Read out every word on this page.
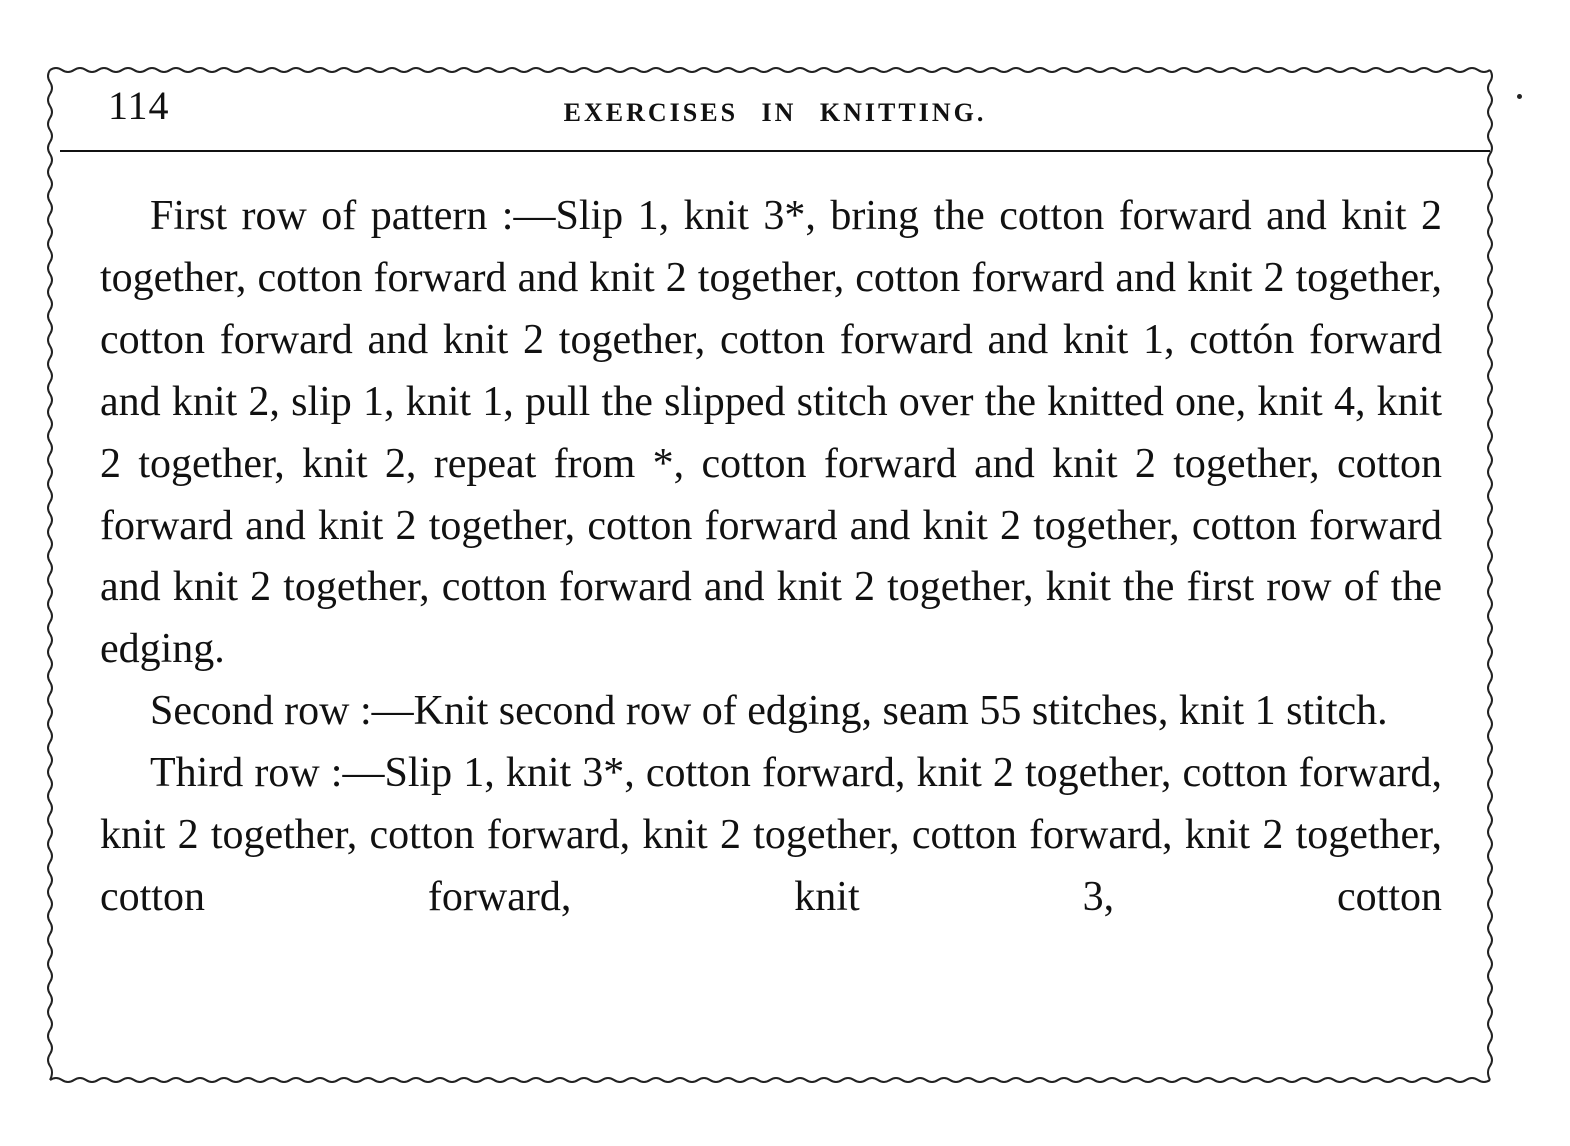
114	EXERCISES IN KNITTING.

First row of pattern :—Slip 1, knit 3*, bring the cotton forward and knit 2 together, cotton forward and knit 2 together, cotton forward and knit 2 together, cotton forward and knit 2 together, cotton forward and knit 1, cottón forward and knit 2, slip 1, knit 1, pull the slipped stitch over the knitted one, knit 4, knit 2 together, knit 2, repeat from *, cotton forward and knit 2 together, cotton forward and knit 2 together, cotton forward and knit 2 together, cotton forward and knit 2 together, cotton forward and knit 2 together, knit the first row of the edging.

Second row :—Knit second row of edging, seam 55 stitches, knit 1 stitch.

Third row :—Slip 1, knit 3*, cotton forward, knit 2 together, cotton forward, knit 2 together, cotton forward, knit 2 together, cotton forward, knit 2 together, cotton forward, knit 3, cotton
